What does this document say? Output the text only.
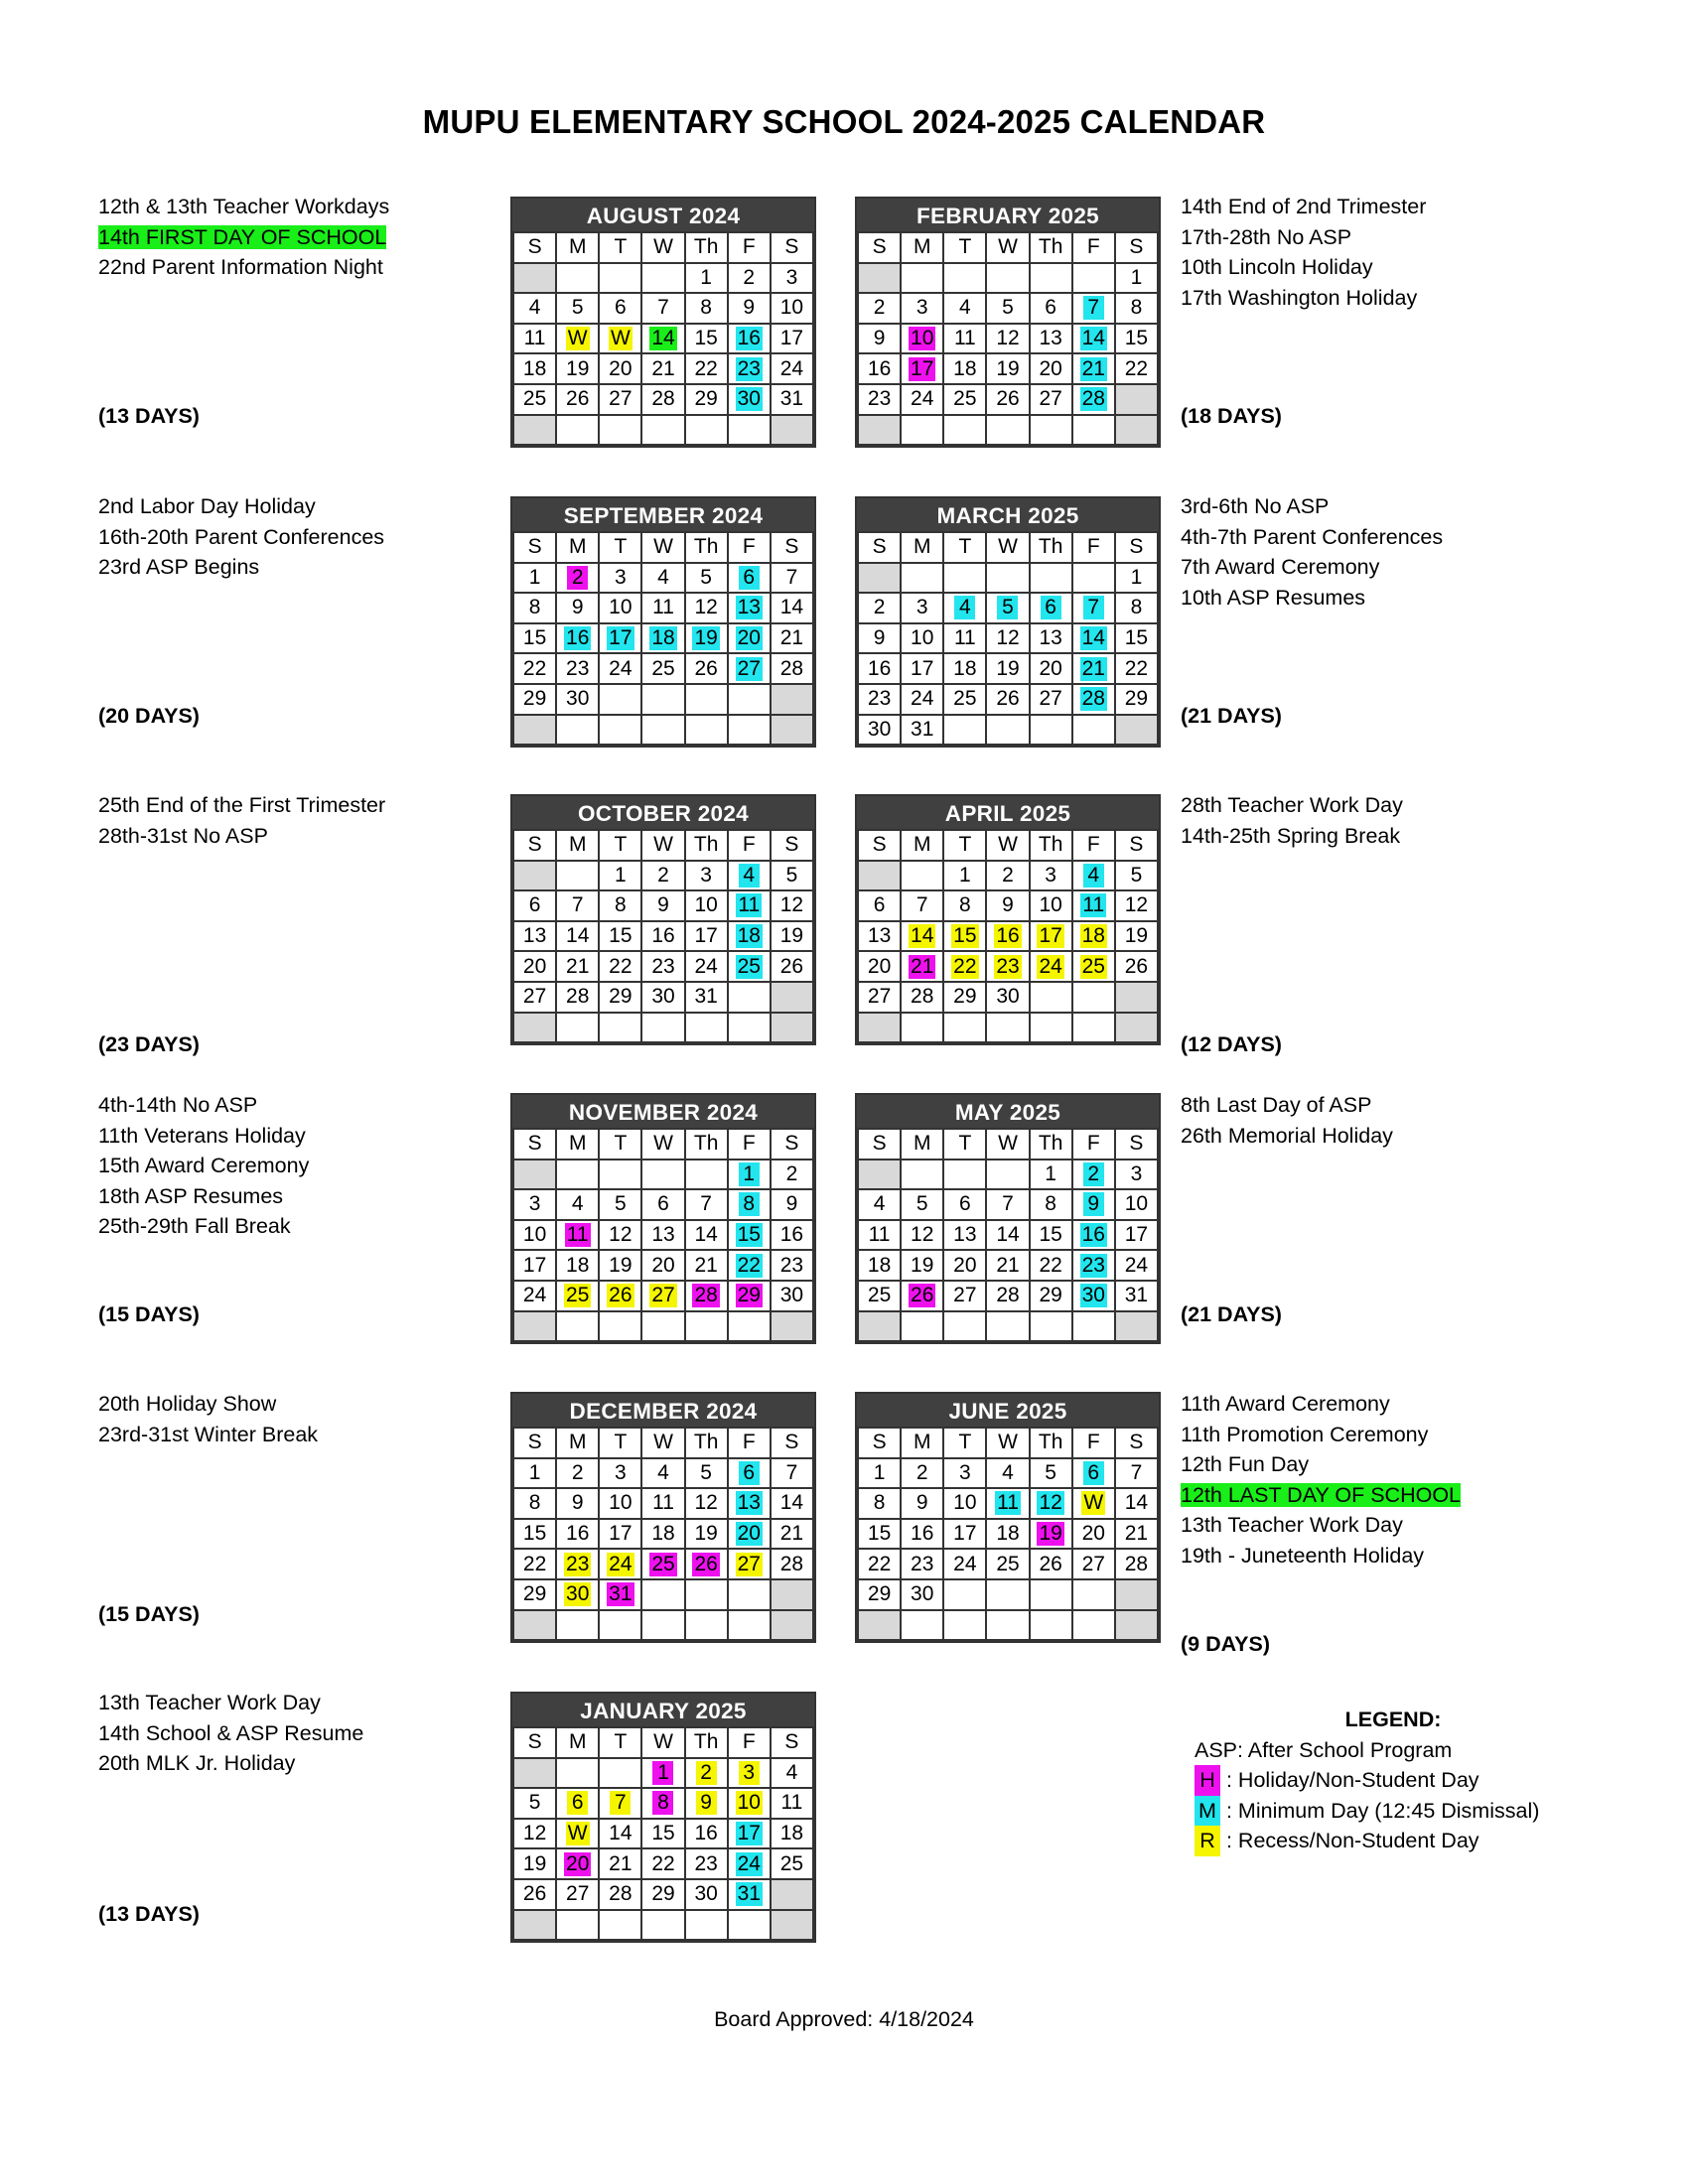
MUPU ELEMENTARY SCHOOL 2024-2025 CALENDAR
AUGUST 2024
S	M	T	W	Th	F	S
				1	2	3
4	5	6	7	8	9	10
11	W	W	14	15	16	17
18	19	20	21	22	23	24
25	26	27	28	29	30	31

SEPTEMBER 2024
S	M	T	W	Th	F	S
1	2	3	4	5	6	7
8	9	10	11	12	13	14
15	16	17	18	19	20	21
22	23	24	25	26	27	28
29	30					

OCTOBER 2024
S	M	T	W	Th	F	S
		1	2	3	4	5
6	7	8	9	10	11	12
13	14	15	16	17	18	19
20	21	22	23	24	25	26
27	28	29	30	31		

NOVEMBER 2024
S	M	T	W	Th	F	S
					1	2
3	4	5	6	7	8	9
10	11	12	13	14	15	16
17	18	19	20	21	22	23
24	25	26	27	28	29	30

DECEMBER 2024
S	M	T	W	Th	F	S
1	2	3	4	5	6	7
8	9	10	11	12	13	14
15	16	17	18	19	20	21
22	23	24	25	26	27	28
29	30	31				

JANUARY 2025
S	M	T	W	Th	F	S
			1	2	3	4
5	6	7	8	9	10	11
12	W	14	15	16	17	18
19	20	21	22	23	24	25
26	27	28	29	30	31	

FEBRUARY 2025
S	M	T	W	Th	F	S
						1
2	3	4	5	6	7	8
9	10	11	12	13	14	15
16	17	18	19	20	21	22
23	24	25	26	27	28	

MARCH 2025
S	M	T	W	Th	F	S
						1
2	3	4	5	6	7	8
9	10	11	12	13	14	15
16	17	18	19	20	21	22
23	24	25	26	27	28	29
30	31					
APRIL 2025
S	M	T	W	Th	F	S
		1	2	3	4	5
6	7	8	9	10	11	12
13	14	15	16	17	18	19
20	21	22	23	24	25	26
27	28	29	30			

MAY 2025
S	M	T	W	Th	F	S
				1	2	3
4	5	6	7	8	9	10
11	12	13	14	15	16	17
18	19	20	21	22	23	24
25	26	27	28	29	30	31

JUNE 2025
S	M	T	W	Th	F	S
1	2	3	4	5	6	7
8	9	10	11	12	W	14
15	16	17	18	19	20	21
22	23	24	25	26	27	28
29	30					

12th & 13th Teacher Workdays
14th FIRST DAY OF SCHOOL
22nd Parent Information Night
2nd Labor Day Holiday
16th-20th Parent Conferences
23rd ASP Begins
25th End of the First Trimester
28th-31st No ASP
4th-14th No ASP
11th Veterans Holiday
15th Award Ceremony
18th ASP Resumes
25th-29th Fall Break
20th Holiday Show
23rd-31st Winter Break
13th Teacher Work Day
14th School & ASP Resume
20th MLK Jr. Holiday
14th End of 2nd Trimester
17th-28th No ASP
10th Lincoln Holiday
17th Washington Holiday
3rd-6th No ASP
4th-7th Parent Conferences
7th Award Ceremony
10th ASP Resumes
28th Teacher Work Day
14th-25th Spring Break
8th Last Day of ASP
26th Memorial Holiday
11th Award Ceremony
11th Promotion Ceremony
12th Fun Day
12th LAST DAY OF SCHOOL
13th Teacher Work Day
19th - Juneteenth Holiday
(13 DAYS)
(20 DAYS)
(23 DAYS)
(15 DAYS)
(15 DAYS)
(13 DAYS)
(18 DAYS)
(21 DAYS)
(12 DAYS)
(21 DAYS)
(9 DAYS)
LEGEND:
ASP: After School Program
H : Holiday/Non-Student Day
M : Minimum Day (12:45 Dismissal)
R : Recess/Non-Student Day
Board Approved: 4/18/2024
